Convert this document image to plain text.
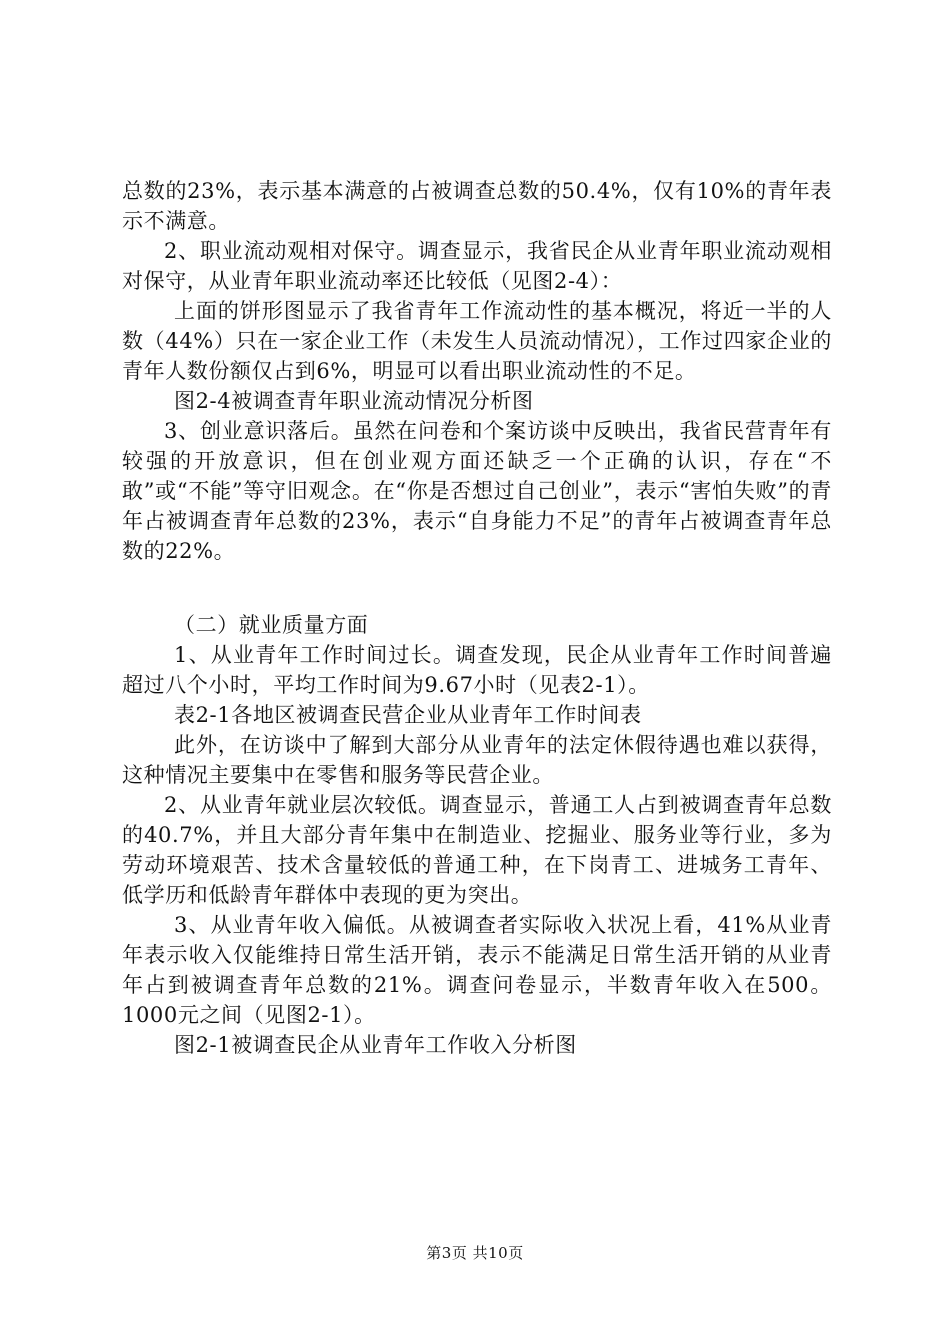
总数的23%，表示基本满意的占被调查总数的50.4%，仅有10%的青年表示不满意。

2、职业流动观相对保守。调查显示，我省民企从业青年职业流动观相对保守，从业青年职业流动率还比较低（见图2-4）：

上面的饼形图显示了我省青年工作流动性的基本概况，将近一半的人数（44%）只在一家企业工作（未发生人员流动情况），工作过四家企业的青年人数份额仅占到6%，明显可以看出职业流动性的不足。

图2-4被调查青年职业流动情况分析图

3、创业意识落后。虽然在问卷和个案访谈中反映出，我省民营青年有较强的开放意识，但在创业观方面还缺乏一个正确的认识，存在“不敢”或“不能”等守旧观念。在“你是否想过自己创业”，表示“害怕失败”的青年占被调查青年总数的23%，表示“自身能力不足”的青年占被调查青年总数的22%。

（二）就业质量方面

1、从业青年工作时间过长。调查发现，民企从业青年工作时间普遍超过八个小时，平均工作时间为9.67小时（见表2-1）。

表2-1各地区被调查民营企业从业青年工作时间表

此外，在访谈中了解到大部分从业青年的法定休假待遇也难以获得，这种情况主要集中在零售和服务等民营企业。

2、从业青年就业层次较低。调查显示，普通工人占到被调查青年总数的40.7%，并且大部分青年集中在制造业、挖掘业、服务业等行业，多为劳动环境艰苦、技术含量较低的普通工种，在下岗青工、进城务工青年、低学历和低龄青年群体中表现的更为突出。

3、从业青年收入偏低。从被调查者实际收入状况上看，41%从业青年表示收入仅能维持日常生活开销，表示不能满足日常生活开销的从业青年占到被调查青年总数的21%。调查问卷显示，半数青年收入在500。1000元之间（见图2-1）。

图2-1被调查民企从业青年工作收入分析图

第3页 共10页
